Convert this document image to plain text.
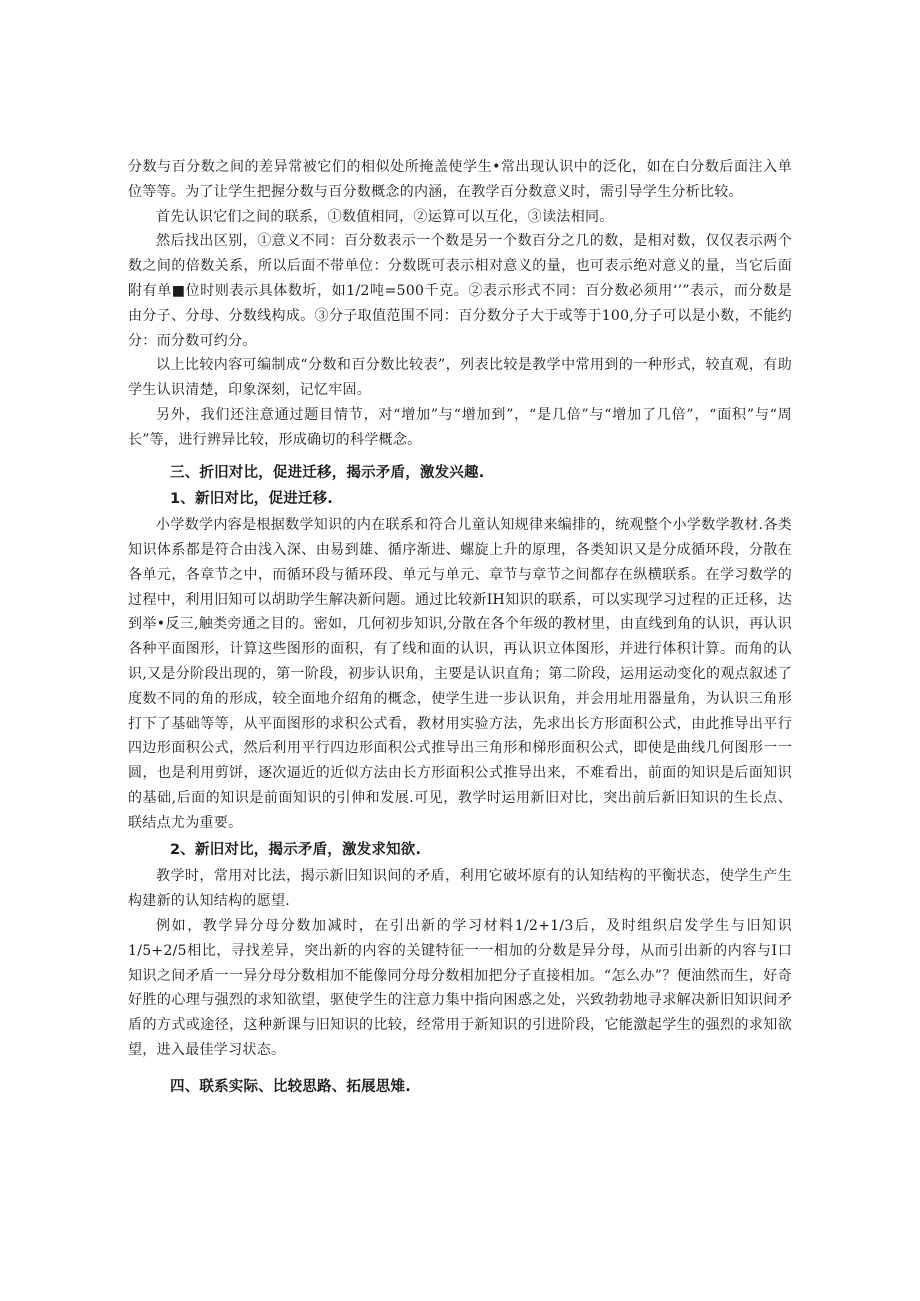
分数与百分数之间的差异常被它们的相似处所掩盖使学生•常出现认识中的泛化，如在白分数后面注入单位等等。为了让学生把握分数与百分数概念的内涵，在教学百分数意义时，需引导学生分析比较。

首先认识它们之间的联系，①数值相同，②运算可以互化，③读法相同。

然后找出区别，①意义不同：百分数表示一个数是另一个数百分之几的数，是相对数，仅仅表示两个数之间的倍数关系，所以后面不带单位：分数既可表示相对意义的量，也可表示绝对意义的量，当它后面附有单■位时则表示具体数圻，如1/2吨=500千克。②表示形式不同：百分数必须用‘’”表示，而分数是由分子、分母、分数线构成。③分子取值范围不同：百分数分子大于或等于100,分子可以是小数，不能约分：而分数可约分。

以上比较内容可编制成“分数和百分数比较表”，列表比较是教学中常用到的一种形式，较直观，有助学生认识清楚，印象深刻，记忆牢固。

另外，我们还注意通过题目情节，对“增加”与“增加到”，“是几倍”与“增加了几倍”，“面积”与“周长”等，进行辨异比较，形成确切的科学概念。

三、折旧对比，促进迁移，揭示矛盾，激发兴趣.
1、新旧对比，促进迁移.

小学数学内容是根据数学知识的内在联系和符合儿童认知规律来编排的，统观整个小学数学教材.各类知识体系都是符合由浅入深、由易到雄、循序渐进、螺旋上升的原理，各类知识又是分成循环段，分散在各单元，各章节之中，而循环段与循环段、单元与单元、章节与章节之间都存在纵横联系。在学习数学的过程中，利用旧知可以胡助学生解决新问题。通过比较新IH知识的联系，可以实现学习过程的正迁移，达到举•反三,触类旁通之目的。密如，几何初步知识,分散在各个年级的教材里，由直线到角的认识，再认识各种平面图形，计算这些图形的面积，有了线和面的认识，再认识立体图形，并进行体积计算。而角的认识,又是分阶段出现的，第一阶段，初步认识角，主要是认识直角；第二阶段，运用运动变化的观点叙述了度数不同的角的形成，较全面地介绍角的概念，使学生进一步认识角，并会用址用器量角，为认识三角形打下了基础等等，从平面图形的求积公式看，教材用实验方法，先求出长方形面积公式，由此推导出平行四边形面积公式，然后利用平行四边形面积公式推导出三角形和梯形面积公式，即使是曲线几何图形一一圆，也是利用剪饼，逐次逼近的近似方法由长方形面积公式推导出来，不难看出，前面的知识是后面知识的基础,后面的知识是前面知识的引伸和发展.可见，教学时运用新旧对比，突出前后新旧知识的生长点、联结点尤为重要。

2、新旧对比，揭示矛盾，激发求知欲.

教学时，常用对比法，揭示新旧知识间的矛盾，利用它破坏原有的认知结构的平衡状态，使学生产生构建新的认知结构的愿望.

例如，教学异分母分数加减时，在引出新的学习材料1/2+1/3后，及时组织启发学生与旧知识1/5+2/5相比，寻找差异，突出新的内容的关键特征一一相加的分数是异分母，从而引出新的内容与I口知识之间矛盾一一异分母分数相加不能像同分母分数相加把分子直接相加。“怎么办”？便油然而生，好奇好胜的心理与强烈的求知欲望，驱使学生的注意力集中指向困惑之处，兴致勃勃地寻求解决新旧知识间矛盾的方式或途径，这种新课与旧知识的比较，经常用于新知识的引进阶段，它能激起学生的强烈的求知欲望，进入最佳学习状态。

四、联系实际、比较思路、拓展思雉.
